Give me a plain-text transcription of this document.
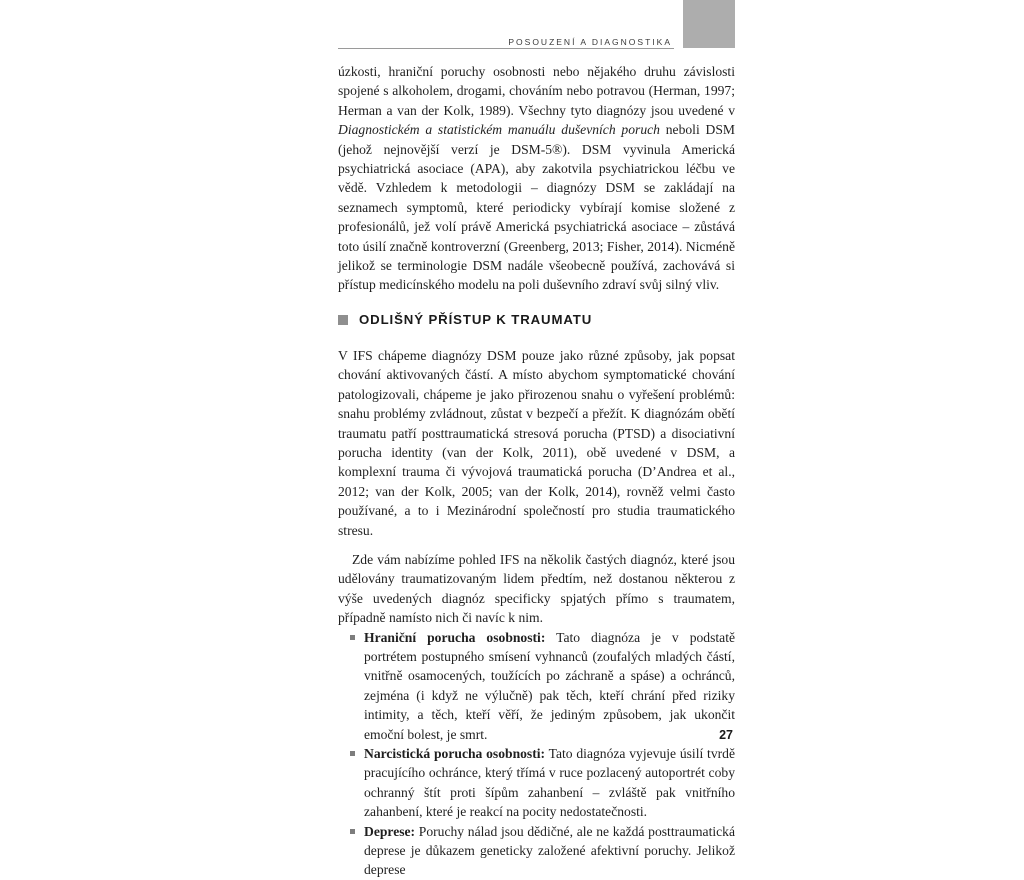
POSOUZENÍ A DIAGNOSTIKA

úzkosti, hraniční poruchy osobnosti nebo nějakého druhu závislosti spojené s alkoholem, drogami, chováním nebo potravou (Herman, 1997; Herman a van der Kolk, 1989). Všechny tyto diagnózy jsou uvedené v Diagnostickém a statistickém manuálu duševních poruch neboli DSM (jehož nejnovější verzí je DSM-5®). DSM vyvinula Americká psychiatrická asociace (APA), aby zakotvila psychiatrickou léčbu ve vědě. Vzhledem k metodologii – diagnózy DSM se zakládají na seznamech symptomů, které periodicky vybírají komise složené z profesionálů, jež volí právě Americká psychiatrická asociace – zůstává toto úsilí značně kontroverzní (Greenberg, 2013; Fisher, 2014). Nicméně jelikož se terminologie DSM nadále všeobecně používá, zachovává si přístup medicínského modelu na poli duševního zdraví svůj silný vliv.

ODLIŠNÝ PŘÍSTUP K TRAUMATU

V IFS chápeme diagnózy DSM pouze jako různé způsoby, jak popsat chování aktivovaných částí. A místo abychom symptomatické chování patologizovali, chápeme je jako přirozenou snahu o vyřešení problémů: snahu problémy zvládnout, zůstat v bezpečí a přežít. K diagnózám obětí traumatu patří posttraumatická stresová porucha (PTSD) a disociativní porucha identity (van der Kolk, 2011), obě uvedené v DSM, a komplexní trauma či vývojová traumatická porucha (D’Andrea et al., 2012; van der Kolk, 2005; van der Kolk, 2014), rovněž velmi často používané, a to i Mezinárodní společností pro studia traumatického stresu.

Zde vám nabízíme pohled IFS na několik častých diagnóz, které jsou udělovány traumatizovaným lidem předtím, než dostanou některou z výše uvedených diagnóz specificky spjatých přímo s traumatem, případně namísto nich či navíc k nim.

Hraniční porucha osobnosti: Tato diagnóza je v podstatě portrétem postupného smísení vyhnanců (zoufalých mladých částí, vnitřně osamocených, toužících po záchraně a spáse) a ochránců, zejména (i když ne výlučně) pak těch, kteří chrání před riziky intimity, a těch, kteří věří, že jediným způsobem, jak ukončit emoční bolest, je smrt.
Narcistická porucha osobnosti: Tato diagnóza vyjevuje úsilí tvrdě pracujícího ochránce, který třímá v ruce pozlacený autoportrét coby ochranný štít proti šípům zahanbení – zvláště pak vnitřního zahanbení, které je reakcí na pocity nedostatečnosti.
Deprese: Poruchy nálad jsou dědičné, ale ne každá posttraumatická deprese je důkazem geneticky založené afektivní poruchy. Jelikož deprese
27
